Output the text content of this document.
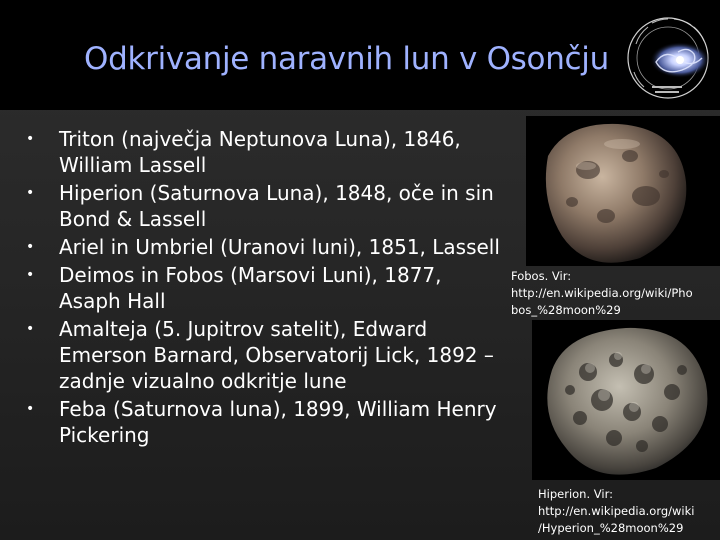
Odkrivanje naravnih lun v Osončju
• Triton (največja Neptunova Luna), 1846, William Lassell
• Hiperion (Saturnova Luna), 1848, oče in sin Bond & Lassell
• Ariel in Umbriel (Uranovi luni), 1851, Lassell
• Deimos in Fobos (Marsovi Luni), 1877, Asaph Hall
• Amalteja (5. Jupitrov satelit), Edward Emerson Barnard, Observatorij Lick, 1892 – zadnje vizualno odkritje lune
• Feba (Saturnova luna), 1899, William Henry Pickering

Fobos. Vir:
http://en.wikipedia.org/wiki/Pho
bos_%28moon%29

Hiperion. Vir:
http://en.wikipedia.org/wiki
/Hyperion_%28moon%29
